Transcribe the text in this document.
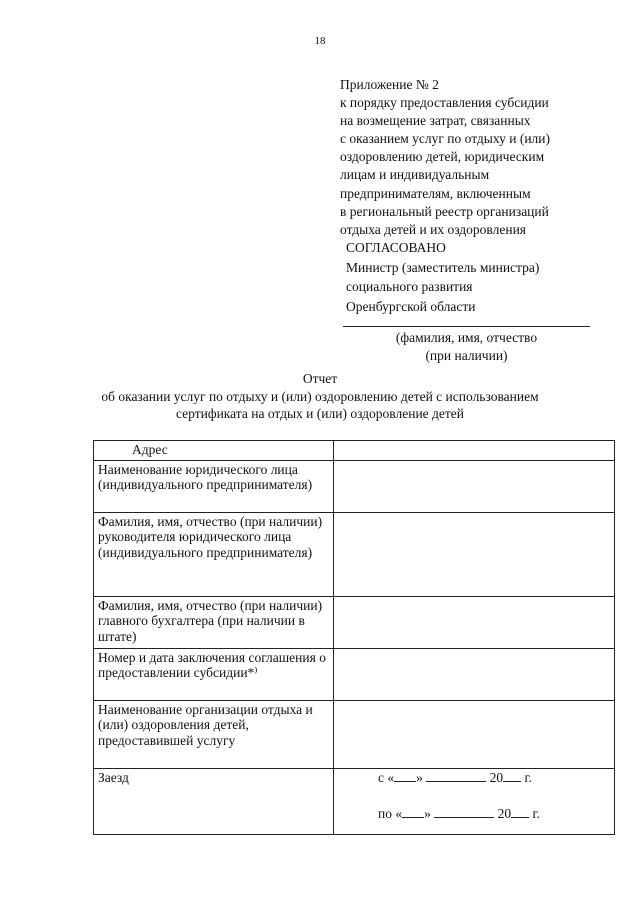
18
Приложение № 2
к порядку предоставления субсидии
на возмещение затрат, связанных
с оказанием услуг по отдыху и (или)
оздоровлению детей, юридическим
лицам и индивидуальным
предпринимателям, включенным
в региональный реестр организаций
отдыха детей и их оздоровления
СОГЛАСОВАНО
Министр (заместитель министра)
социального развития
Оренбургской области
(фамилия, имя, отчество
(при наличии)
Отчет
об оказании услуг по отдыху и (или) оздоровлению детей с использованием
сертификата на отдых и (или) оздоровление детей
Адрес	
Наименование юридического лица (индивидуального предпринимателя)	
Фамилия, имя, отчество (при наличии) руководителя юридического лица (индивидуального предпринимателя)	
Фамилия, имя, отчество (при наличии) главного бухгалтера (при наличии в штате)	
Номер и дата заключения соглашения о предоставлении субсидии*⁾	
Наименование организации отдыха и (или) оздоровления детей, предоставившей услугу	
Заезд	с « » 20 г.
по « » 20 г.
